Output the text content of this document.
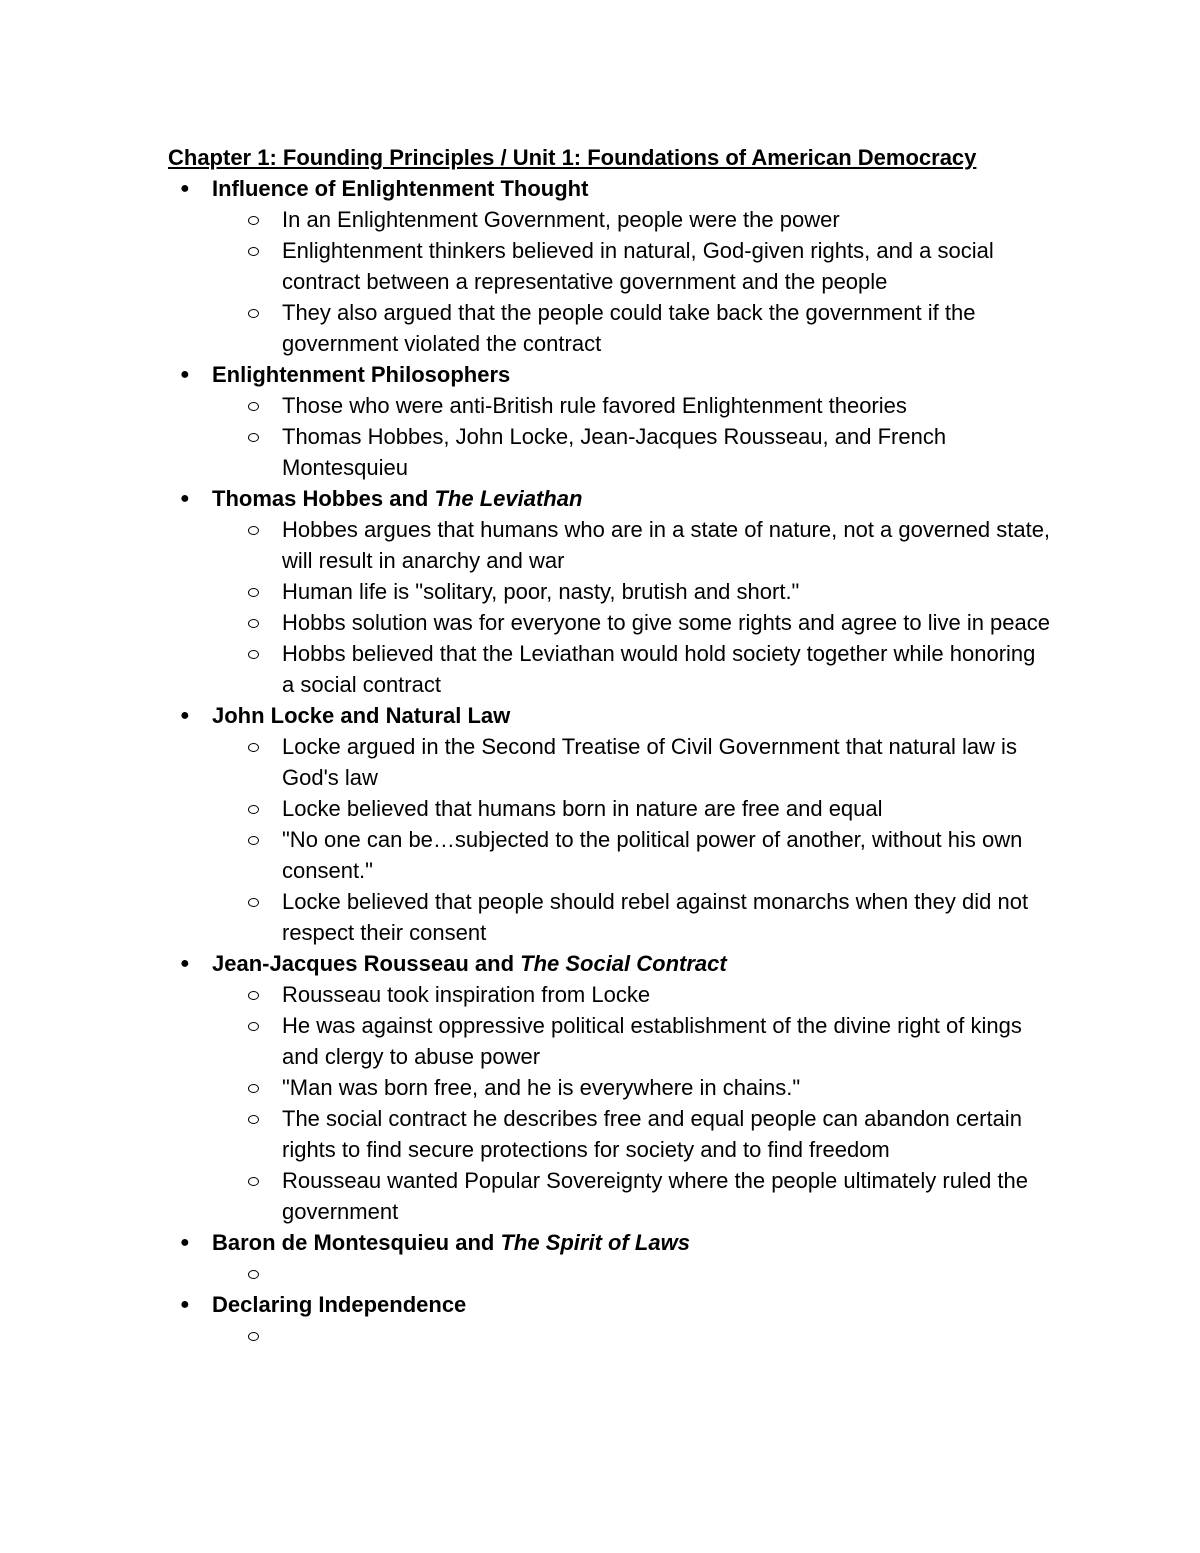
Chapter 1: Founding Principles / Unit 1: Foundations of American Democracy
● Influence of Enlightenment Thought
In an Enlightenment Government, people were the power
Enlightenment thinkers believed in natural, God-given rights, and a social contract between a representative government and the people
They also argued that the people could take back the government if the government violated the contract
● Enlightenment Philosophers
Those who were anti-British rule favored Enlightenment theories
Thomas Hobbes, John Locke, Jean-Jacques Rousseau, and French Montesquieu
● Thomas Hobbes and The Leviathan
Hobbes argues that humans who are in a state of nature, not a governed state, will result in anarchy and war
Human life is "solitary, poor, nasty, brutish and short."
Hobbs solution was for everyone to give some rights and agree to live in peace
Hobbs believed that the Leviathan would hold society together while honoring a social contract
● John Locke and Natural Law
Locke argued in the Second Treatise of Civil Government that natural law is God's law
Locke believed that humans born in nature are free and equal
"No one can be…subjected to the political power of another, without his own consent."
Locke believed that people should rebel against monarchs when they did not respect their consent
● Jean-Jacques Rousseau and The Social Contract
Rousseau took inspiration from Locke
He was against oppressive political establishment of the divine right of kings and clergy to abuse power
"Man was born free, and he is everywhere in chains."
The social contract he describes free and equal people can abandon certain rights to find secure protections for society and to find freedom
Rousseau wanted Popular Sovereignty where the people ultimately ruled the government
● Baron de Montesquieu and The Spirit of Laws
● Declaring Independence
